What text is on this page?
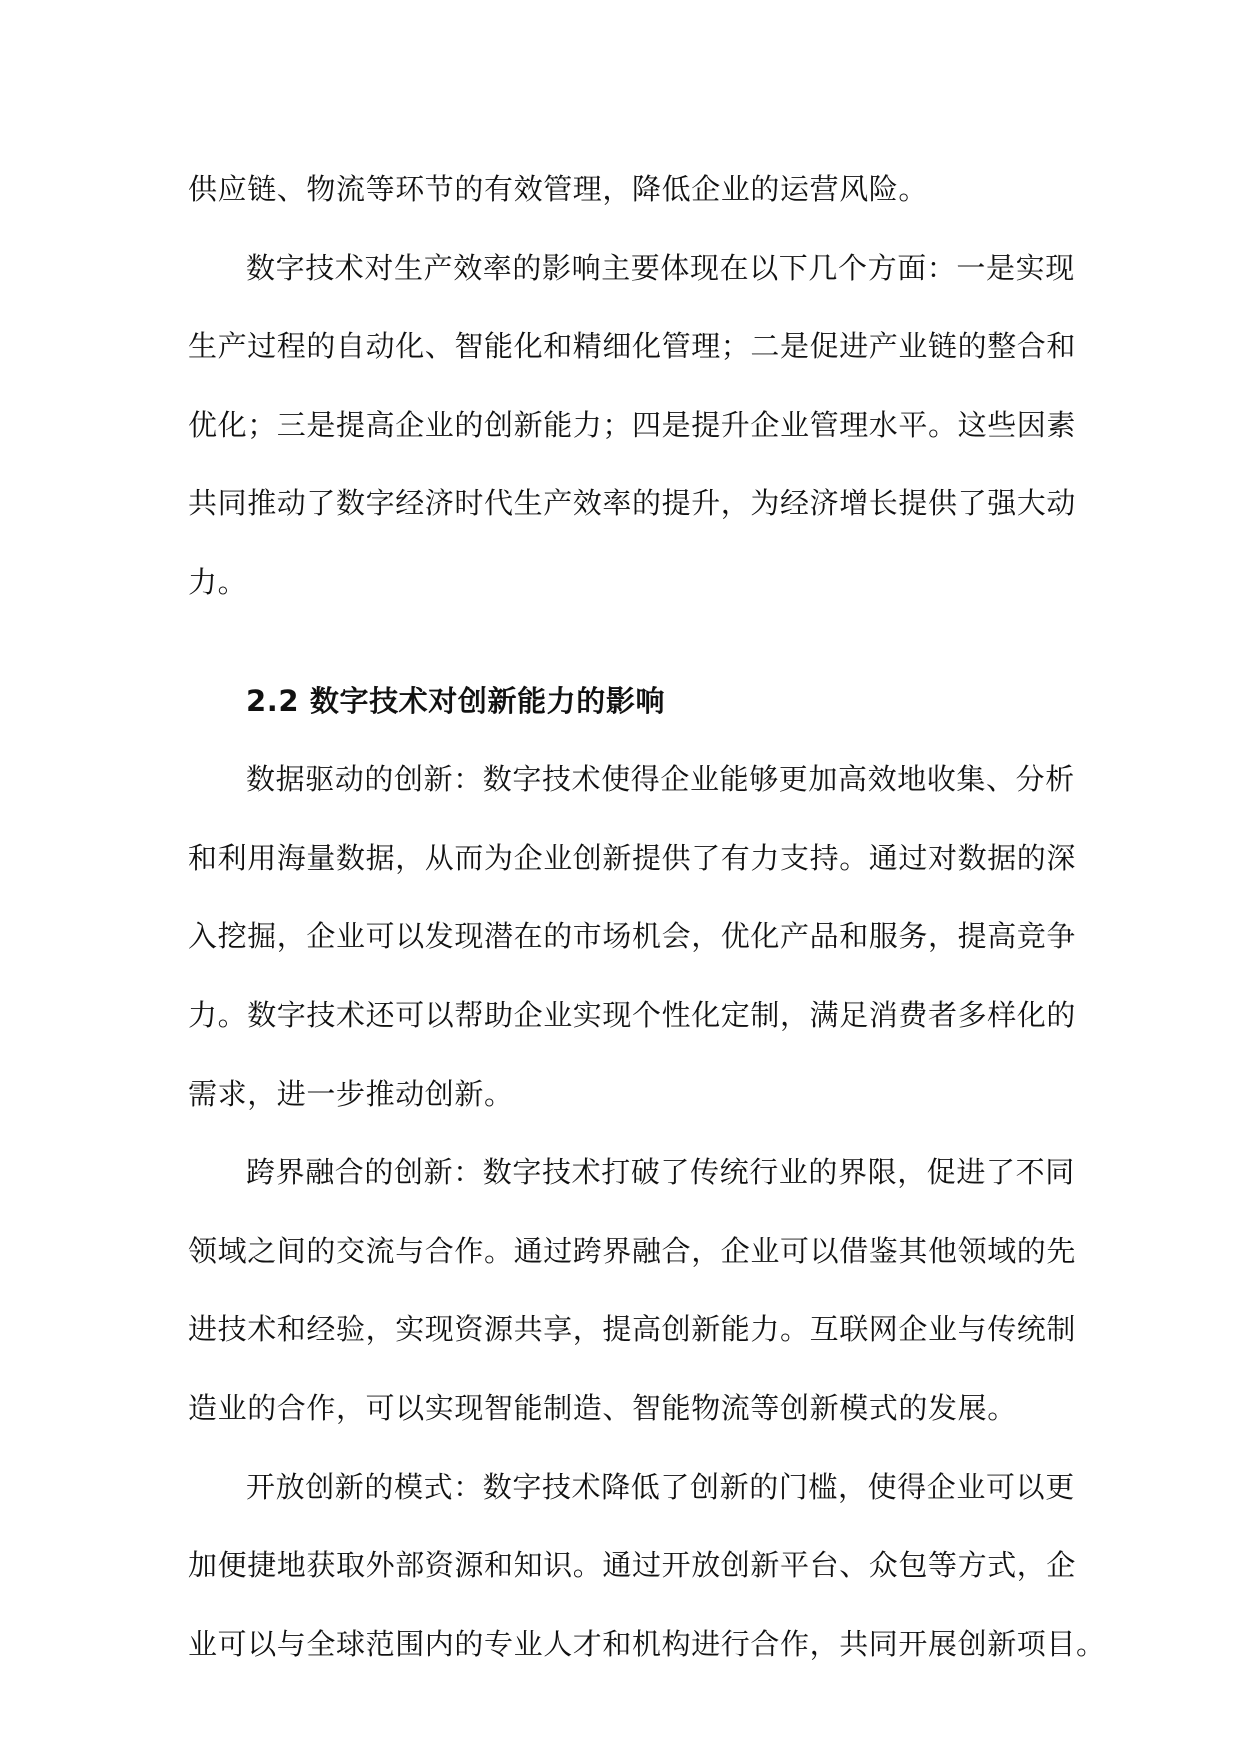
供应链、物流等环节的有效管理，降低企业的运营风险。
数字技术对生产效率的影响主要体现在以下几个方面：一是实现
生产过程的自动化、智能化和精细化管理；二是促进产业链的整合和
优化；三是提高企业的创新能力；四是提升企业管理水平。这些因素
共同推动了数字经济时代生产效率的提升，为经济增长提供了强大动
力。
2.2 数字技术对创新能力的影响
数据驱动的创新：数字技术使得企业能够更加高效地收集、分析
和利用海量数据，从而为企业创新提供了有力支持。通过对数据的深
入挖掘，企业可以发现潜在的市场机会，优化产品和服务，提高竞争
力。数字技术还可以帮助企业实现个性化定制，满足消费者多样化的
需求，进一步推动创新。
跨界融合的创新：数字技术打破了传统行业的界限，促进了不同
领域之间的交流与合作。通过跨界融合，企业可以借鉴其他领域的先
进技术和经验，实现资源共享，提高创新能力。互联网企业与传统制
造业的合作，可以实现智能制造、智能物流等创新模式的发展。
开放创新的模式：数字技术降低了创新的门槛，使得企业可以更
加便捷地获取外部资源和知识。通过开放创新平台、众包等方式，企
业可以与全球范围内的专业人才和机构进行合作，共同开展创新项目。
